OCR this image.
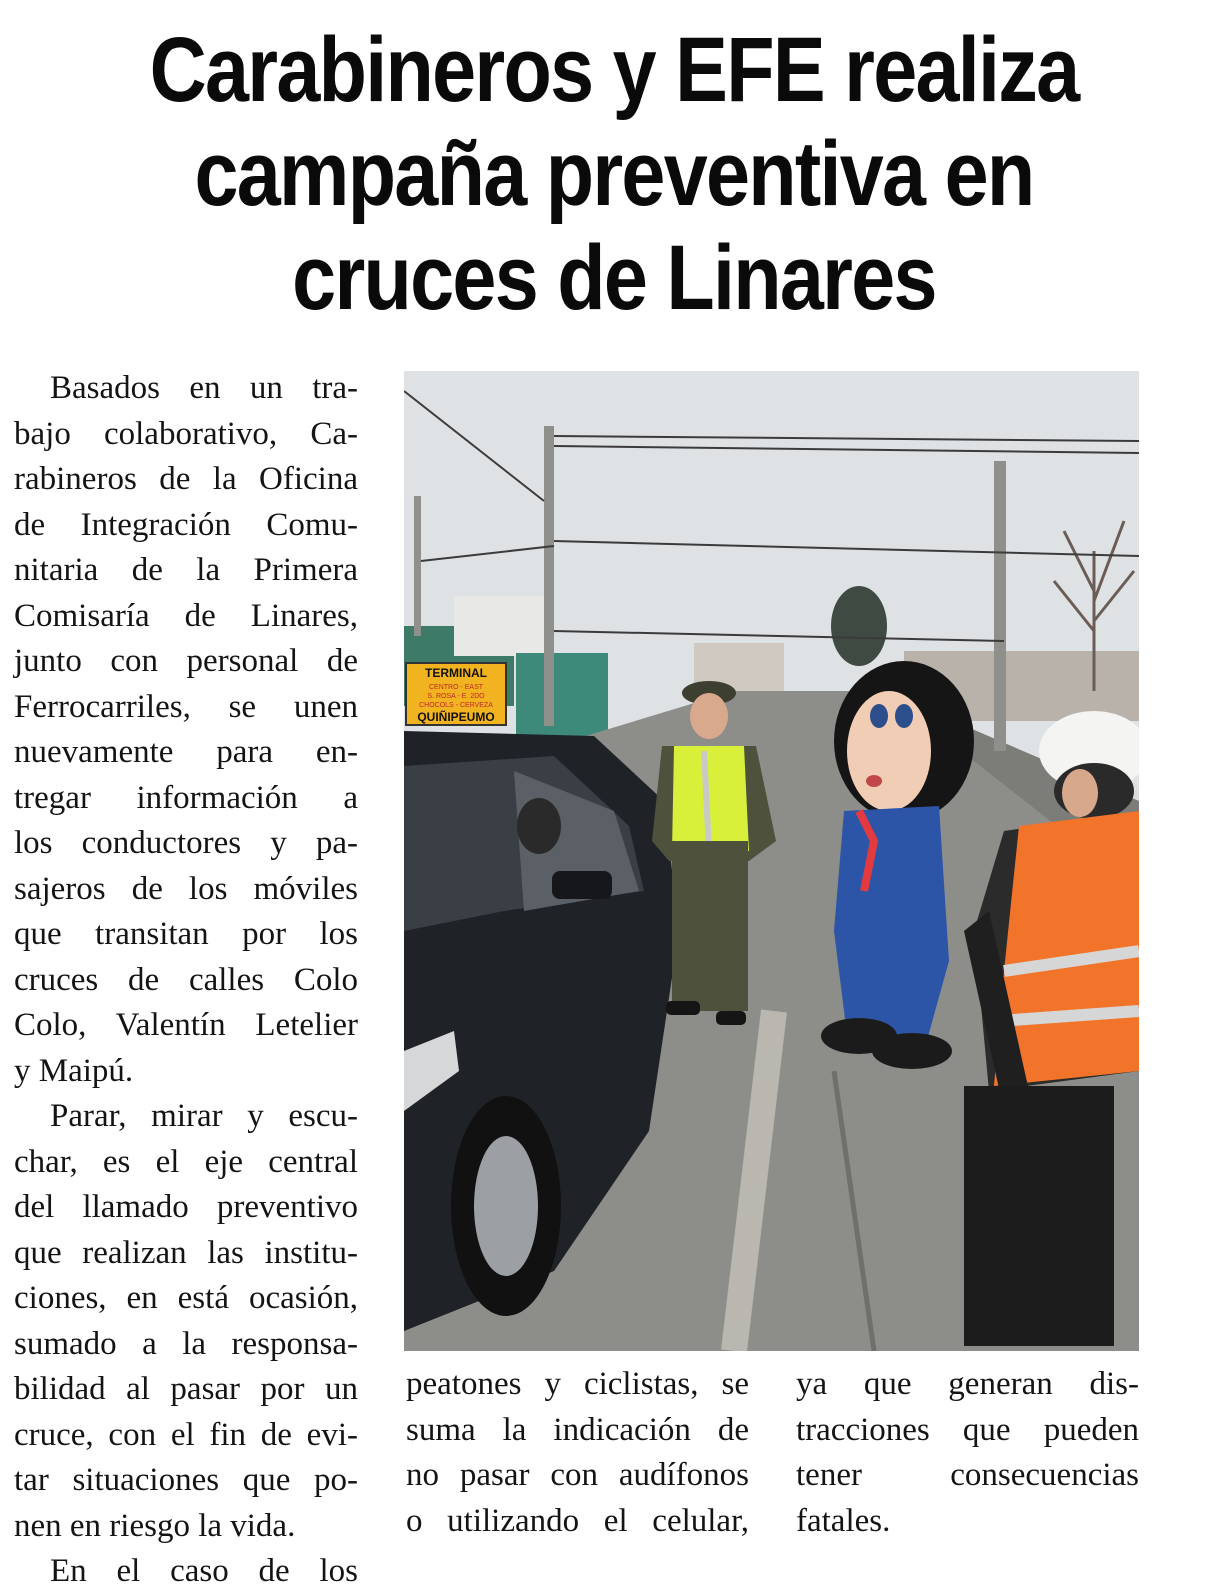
Carabineros y EFE realiza
campaña preventiva en
cruces de Linares
Basados en un tra-
bajo colaborativo, Ca-
rabineros de la Oficina
de Integración Comu-
nitaria de la Primera
Comisaría de Linares,
junto con personal de
Ferrocarriles, se unen
nuevamente para en-
tregar información a
los conductores y pa-
sajeros de los móviles
que transitan por los
cruces de calles Colo
Colo, Valentín Letelier
y Maipú.
Parar, mirar y escu-
char, es el eje central
del llamado preventivo
que realizan las institu-
ciones, en está ocasión,
sumado a la responsa-
bilidad al pasar por un
cruce, con el fin de evi-
tar situaciones que po-
nen en riesgo la vida.
En el caso de los
peatones y ciclistas, se
suma la indicación de
no pasar con audífonos
o utilizando el celular,
ya que generan dis-
tracciones que pueden
tener consecuencias
fatales.
TERMINAL
CENTRO - EAST
S. ROSA - E. 2DO
CHOCOLS - CERVEZA
QUIÑIPEUMO
